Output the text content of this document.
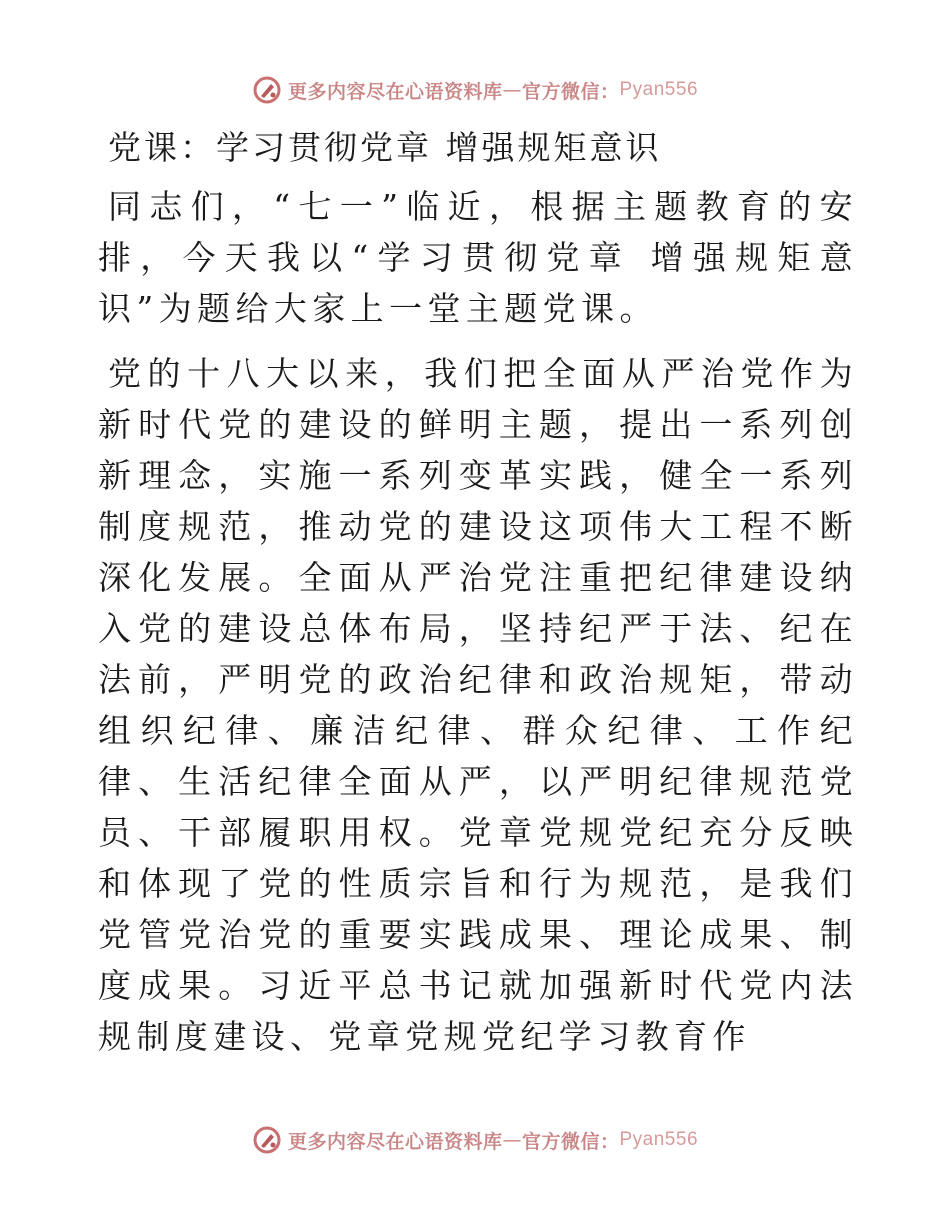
更多内容尽在心语资料库 — 官方微信： Pyan556
党课：学习贯彻党章 增强规矩意识

同志们，“七一”临近，根据主题教育的安排，今天我以“学习贯彻党章 增强规矩意识”为题给大家上一堂主题党课。

党的十八大以来，我们把全面从严治党作为新时代党的建设的鲜明主题，提出一系列创新理念，实施一系列变革实践，健全一系列制度规范，推动党的建设这项伟大工程不断深化发展。全面从严治党注重把纪律建设纳入党的建设总体布局，坚持纪严于法、纪在法前，严明党的政治纪律和政治规矩，带动组织纪律、廉洁纪律、群众纪律、工作纪律、生活纪律全面从严，以严明纪律规范党员、干部履职用权。党章党规党纪充分反映和体现了党的性质宗旨和行为规范，是我们党管党治党的重要实践成果、理论成果、制度成果。习近平总书记就加强新时代党内法规制度建设、党章党规党纪学习教育作

更多内容尽在心语资料库 — 官方微信： Pyan556
